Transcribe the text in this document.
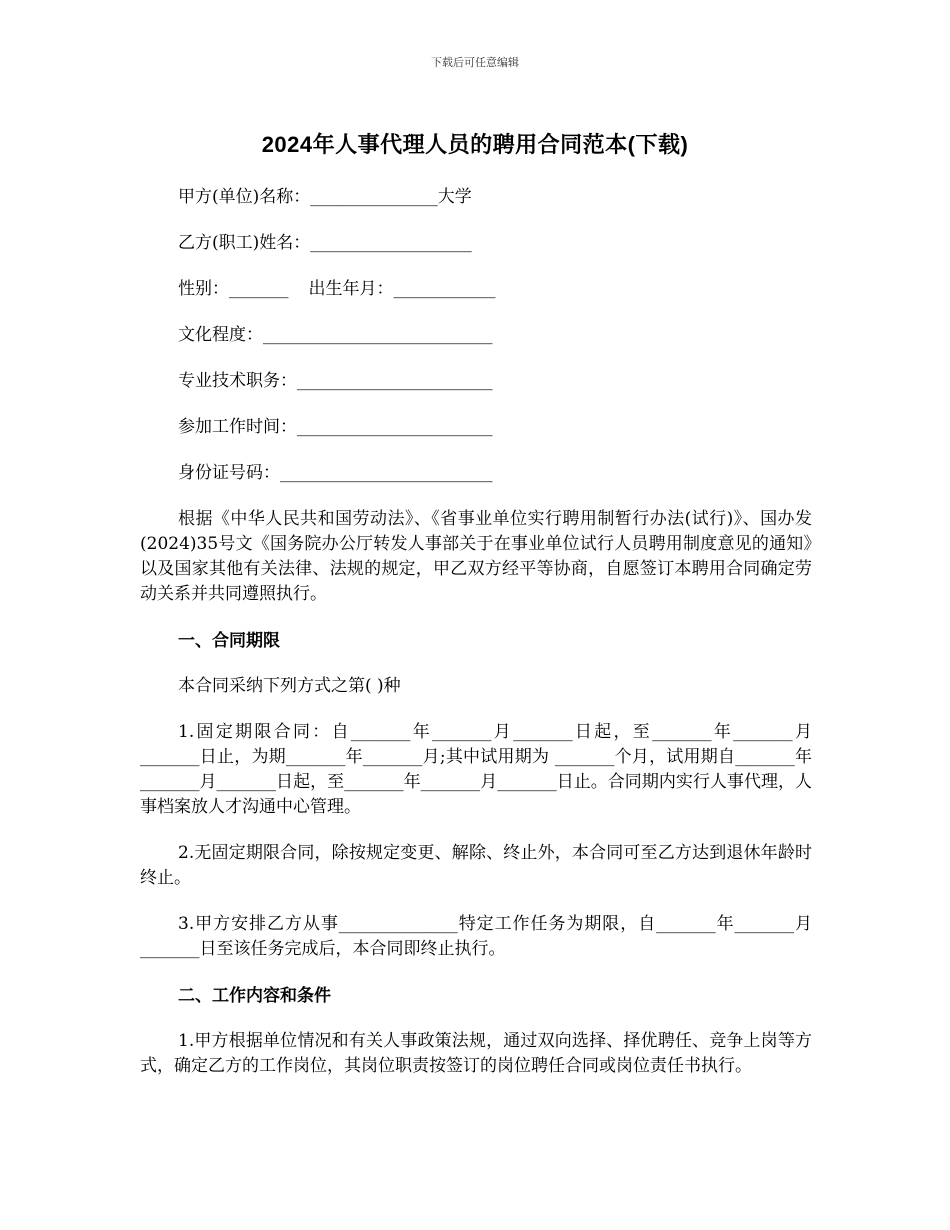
下载后可任意编辑
2024年人事代理人员的聘用合同范本(下载)
甲方(单位)名称：_______________大学
乙方(职工)姓名：___________________
性别：_______ 出生年月：____________
文化程度：___________________________
专业技术职务：_______________________
参加工作时间：_______________________
身份证号码：_________________________

根据《中华人民共和国劳动法》、《省事业单位实行聘用制暂行办法(试行)》、国办发(2024)35号文《国务院办公厅转发人事部关于在事业单位试行人员聘用制度意见的通知》以及国家其他有关法律、法规的规定，甲乙双方经平等协商，自愿签订本聘用合同确定劳动关系并共同遵照执行。

一、合同期限

本合同采纳下列方式之第( )种

1.固定期限合同：自_______年_______月_______日起，至_______年_______月_______日止，为期_______年_______月;其中试用期为 _______个月，试用期自_______年_______月_______日起，至_______年_______月_______日止。合同期内实行人事代理，人事档案放人才沟通中心管理。

2.无固定期限合同，除按规定变更、解除、终止外，本合同可至乙方达到退休年龄时终止。

3.甲方安排乙方从事______________特定工作任务为期限，自_______年_______月_______日至该任务完成后，本合同即终止执行。

二、工作内容和条件

1.甲方根据单位情况和有关人事政策法规，通过双向选择、择优聘任、竞争上岗等方式，确定乙方的工作岗位，其岗位职责按签订的岗位聘任合同或岗位责任书执行。
